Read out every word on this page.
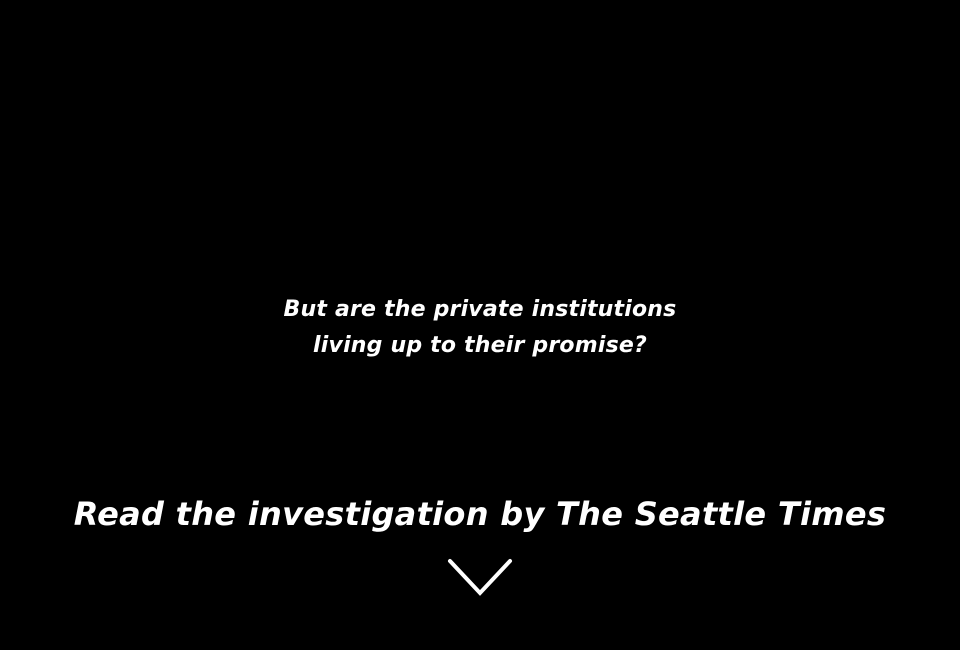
But are the private institutions
living up to their promise?
Read the investigation by The Seattle Times
